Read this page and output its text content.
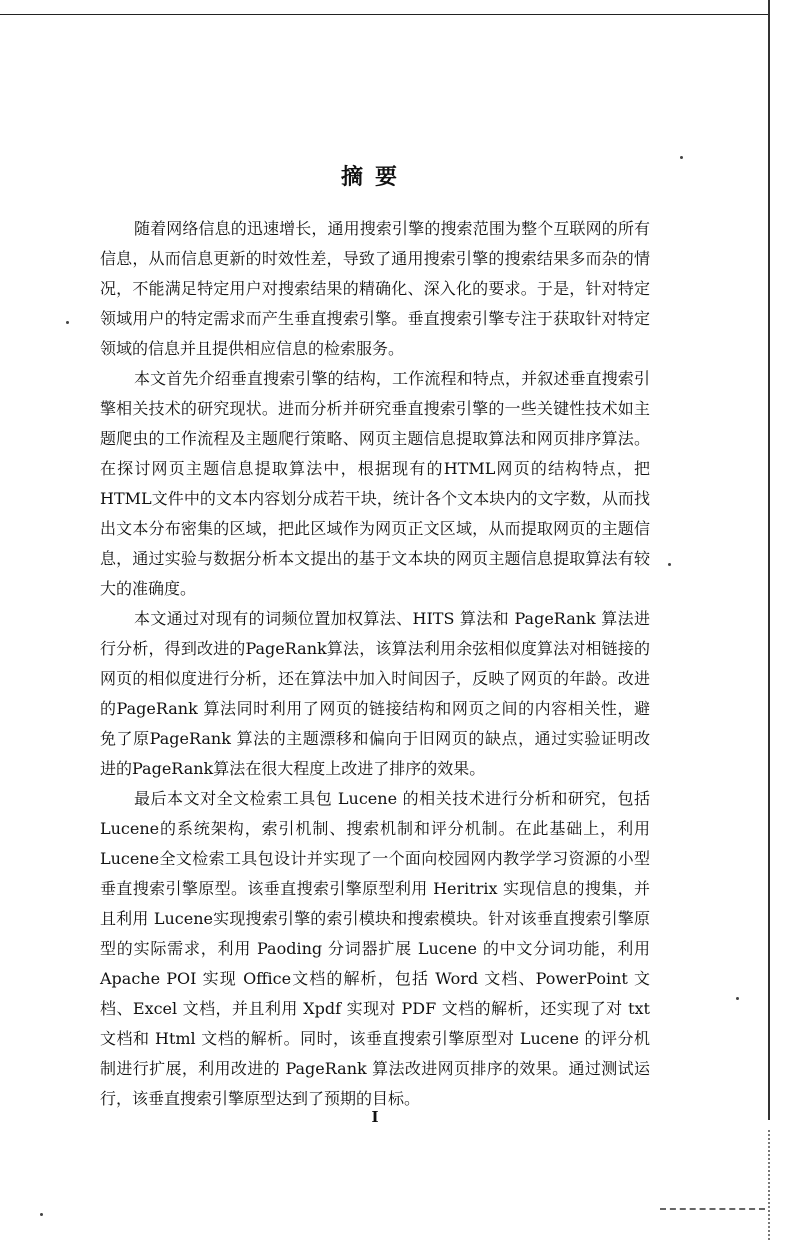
摘要

随着网络信息的迅速增长，通用搜索引擎的搜索范围为整个互联网的所有信息，从而信息更新的时效性差，导致了通用搜索引擎的搜索结果多而杂的情况，不能满足特定用户对搜索结果的精确化、深入化的要求。于是，针对特定领域用户的特定需求而产生垂直搜索引擎。垂直搜索引擎专注于获取针对特定领域的信息并且提供相应信息的检索服务。

本文首先介绍垂直搜索引擎的结构，工作流程和特点，并叙述垂直搜索引擎相关技术的研究现状。进而分析并研究垂直搜索引擎的一些关键性技术如主题爬虫的工作流程及主题爬行策略、网页主题信息提取算法和网页排序算法。在探讨网页主题信息提取算法中，根据现有的HTML网页的结构特点，把HTML文件中的文本内容划分成若干块，统计各个文本块内的文字数，从而找出文本分布密集的区域，把此区域作为网页正文区域，从而提取网页的主题信息，通过实验与数据分析本文提出的基于文本块的网页主题信息提取算法有较大的准确度。

本文通过对现有的词频位置加权算法、HITS 算法和 PageRank 算法进行分析，得到改进的PageRank算法，该算法利用余弦相似度算法对相链接的网页的相似度进行分析，还在算法中加入时间因子，反映了网页的年龄。改进的PageRank 算法同时利用了网页的链接结构和网页之间的内容相关性，避免了原PageRank 算法的主题漂移和偏向于旧网页的缺点，通过实验证明改进的PageRank算法在很大程度上改进了排序的效果。

最后本文对全文检索工具包 Lucene 的相关技术进行分析和研究，包括Lucene的系统架构，索引机制、搜索机制和评分机制。在此基础上，利用 Lucene全文检索工具包设计并实现了一个面向校园网内教学学习资源的小型垂直搜索引擎原型。该垂直搜索引擎原型利用 Heritrix 实现信息的搜集，并且利用 Lucene实现搜索引擎的索引模块和搜索模块。针对该垂直搜索引擎原型的实际需求，利用 Paoding 分词器扩展 Lucene 的中文分词功能，利用 Apache POI 实现 Office文档的解析，包括 Word 文档、PowerPoint 文档、Excel 文档，并且利用 Xpdf 实现对 PDF 文档的解析，还实现了对 txt 文档和 Html 文档的解析。同时，该垂直搜索引擎原型对 Lucene 的评分机制进行扩展，利用改进的 PageRank 算法改进网页排序的效果。通过测试运行，该垂直搜索引擎原型达到了预期的目标。

I
